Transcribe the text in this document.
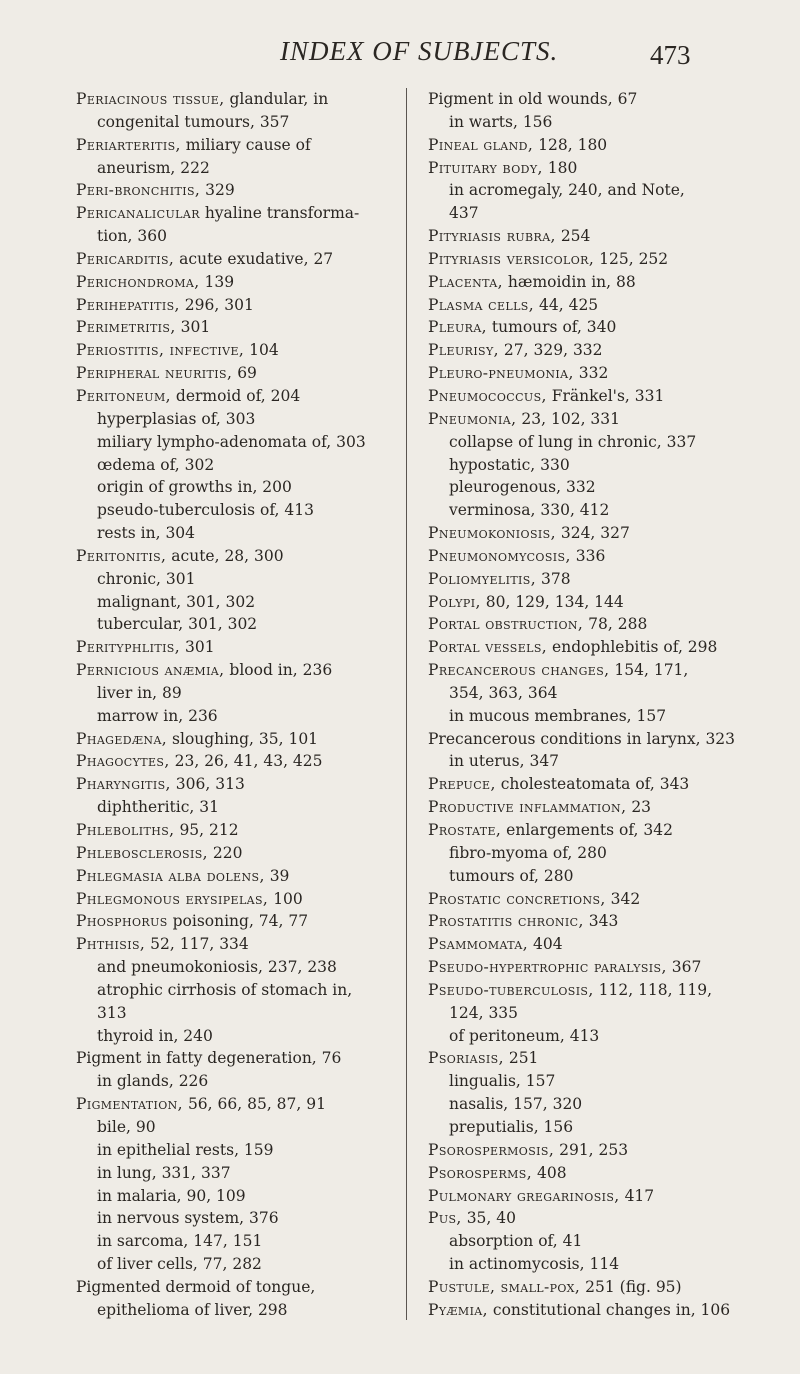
INDEX OF SUBJECTS.	473
Periacinous tissue, glandular, in
congenital tumours, 357
Periarteritis, miliary cause of
aneurism, 222
Peri-bronchitis, 329
Pericanalicular hyaline transforma-
tion, 360
Pericarditis, acute exudative, 27
Perichondroma, 139
Perihepatitis, 296, 301
Perimetritis, 301
Periostitis, infective, 104
Peripheral neuritis, 69
Peritoneum, dermoid of, 204
hyperplasias of, 303
miliary lympho-adenomata of, 303
œdema of, 302
origin of growths in, 200
pseudo-tuberculosis of, 413
rests in, 304
Peritonitis, acute, 28, 300
chronic, 301
malignant, 301, 302
tubercular, 301, 302
Perityphlitis, 301
Pernicious anæmia, blood in, 236
liver in, 89
marrow in, 236
Phagedæna, sloughing, 35, 101
Phagocytes, 23, 26, 41, 43, 425
Pharyngitis, 306, 313
diphtheritic, 31
Phleboliths, 95, 212
Phlebosclerosis, 220
Phlegmasia alba dolens, 39
Phlegmonous erysipelas, 100
Phosphorus poisoning, 74, 77
Phthisis, 52, 117, 334
and pneumokoniosis, 237, 238
atrophic cirrhosis of stomach in,
313
thyroid in, 240
Pigment in fatty degeneration, 76
in glands, 226
Pigmentation, 56, 66, 85, 87, 91
bile, 90
in epithelial rests, 159
in lung, 331, 337
in malaria, 90, 109
in nervous system, 376
in sarcoma, 147, 151
of liver cells, 77, 282
Pigmented dermoid of tongue,
epithelioma of liver, 298
Pigment in old wounds, 67
in warts, 156
Pineal gland, 128, 180
Pituitary body, 180
in acromegaly, 240, and Note,
437
Pityriasis rubra, 254
Pityriasis versicolor, 125, 252
Placenta, hæmoidin in, 88
Plasma cells, 44, 425
Pleura, tumours of, 340
Pleurisy, 27, 329, 332
Pleuro-pneumonia, 332
Pneumococcus, Fränkel's, 331
Pneumonia, 23, 102, 331
collapse of lung in chronic, 337
hypostatic, 330
pleurogenous, 332
verminosa, 330, 412
Pneumokoniosis, 324, 327
Pneumonomycosis, 336
Poliomyelitis, 378
Polypi, 80, 129, 134, 144
Portal obstruction, 78, 288
Portal vessels, endophlebitis of, 298
Precancerous changes, 154, 171,
354, 363, 364
in mucous membranes, 157
Precancerous conditions in larynx, 323
in uterus, 347
Prepuce, cholesteatomata of, 343
Productive inflammation, 23
Prostate, enlargements of, 342
fibro-myoma of, 280
tumours of, 280
Prostatic concretions, 342
Prostatitis chronic, 343
Psammomata, 404
Pseudo-hypertrophic paralysis, 367
Pseudo-tuberculosis, 112, 118, 119,
124, 335
of peritoneum, 413
Psoriasis, 251
lingualis, 157
nasalis, 157, 320
preputialis, 156
Psorospermosis, 291, 253
Psorosperms, 408
Pulmonary gregarinosis, 417
Pus, 35, 40
absorption of, 41
in actinomycosis, 114
Pustule, small-pox, 251 (fig. 95)
Pyæmia, constitutional changes in, 106
